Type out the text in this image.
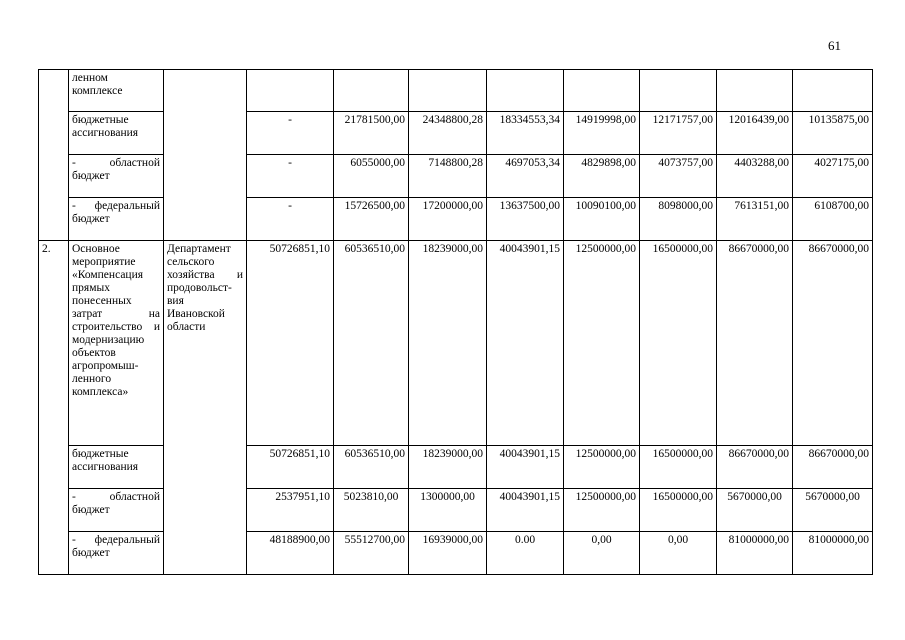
61
	ленном комплексе									
	бюджетные ассигнования		-	21781500,00	24348800,28	18334553,34	14919998,00	12171757,00	12016439,00	10135875,00
	- областной бюджет		-	6055000,00	7148800,28	4697053,34	4829898,00	4073757,00	4403288,00	4027175,00
	- федеральный бюджет		-	15726500,00	17200000,00	13637500,00	10090100,00	8098000,00	7613151,00	6108700,00
2.	Основное мероприятие «Компенсация прямых понесенных затрат на строительство и модернизацию объектов агропромыш-ленного комплекса»	Департамент сельского хозяйства и продовольст-вия Ивановской области	50726851,10	60536510,00	18239000,00	40043901,15	12500000,00	16500000,00	86670000,00	86670000,00
	бюджетные ассигнования		50726851,10	60536510,00	18239000,00	40043901,15	12500000,00	16500000,00	86670000,00	86670000,00
	- областной бюджет		2537951,10	5023810,00	1300000,00	40043901,15	12500000,00	16500000,00	5670000,00	5670000,00
	- федеральный бюджет		48188900,00	55512700,00	16939000,00	0.00	0,00	0,00	81000000,00	81000000,00
